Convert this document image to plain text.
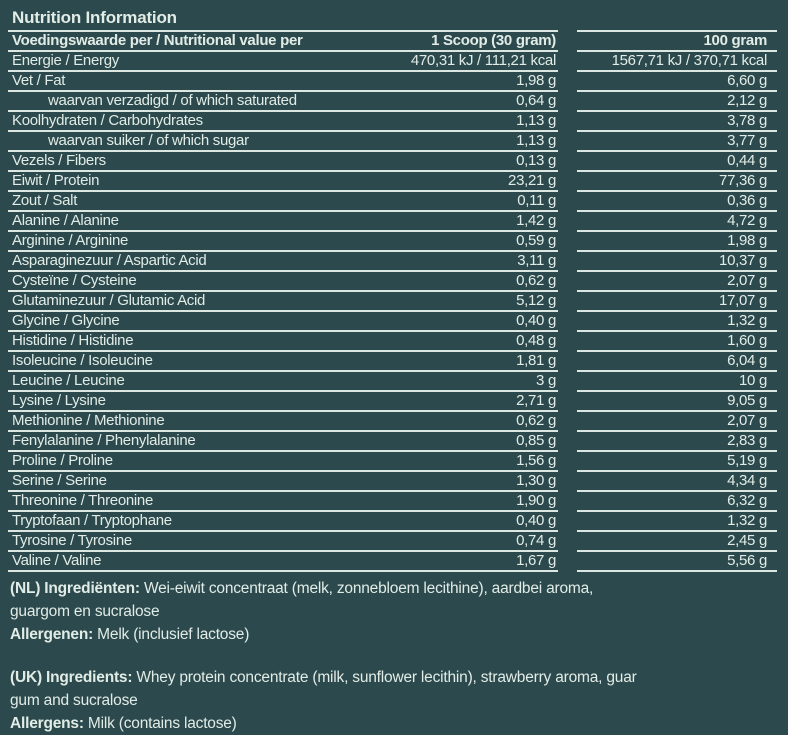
Nutrition Information
Voedingswaarde per / Nutritional value per	1 Scoop (30 gram)	100 gram
Energie / Energy	470,31 kJ / 111,21 kcal	1567,71 kJ / 370,71 kcal
Vet / Fat	1,98 g	6,60 g
waarvan verzadigd / of which saturated	0,64 g	2,12 g
Koolhydraten / Carbohydrates	1,13 g	3,78 g
waarvan suiker / of which sugar	1,13 g	3,77 g
Vezels / Fibers	0,13 g	0,44 g
Eiwit / Protein	23,21 g	77,36 g
Zout / Salt	0,11 g	0,36 g
Alanine / Alanine	1,42 g	4,72 g
Arginine / Arginine	0,59 g	1,98 g
Asparaginezuur / Aspartic Acid	3,11 g	10,37 g
Cysteïne / Cysteine	0,62 g	2,07 g
Glutaminezuur / Glutamic Acid	5,12 g	17,07 g
Glycine / Glycine	0,40 g	1,32 g
Histidine / Histidine	0,48 g	1,60 g
Isoleucine / Isoleucine	1,81 g	6,04 g
Leucine / Leucine	3 g	10 g
Lysine / Lysine	2,71 g	9,05 g
Methionine / Methionine	0,62 g	2,07 g
Fenylalanine / Phenylalanine	0,85 g	2,83 g
Proline / Proline	1,56 g	5,19 g
Serine / Serine	1,30 g	4,34 g
Threonine / Threonine	1,90 g	6,32 g
Tryptofaan / Tryptophane	0,40 g	1,32 g
Tyrosine / Tyrosine	0,74 g	2,45 g
Valine / Valine	1,67 g	5,56 g

(NL) Ingrediënten: Wei-eiwit concentraat (melk, zonnebloem lecithine), aardbei aroma, guargom en sucralose

Allergenen: Melk (inclusief lactose)

(UK) Ingredients: Whey protein concentrate (milk, sunflower lecithin), strawberry aroma, guar gum and sucralose

Allergens: Milk (contains lactose)
